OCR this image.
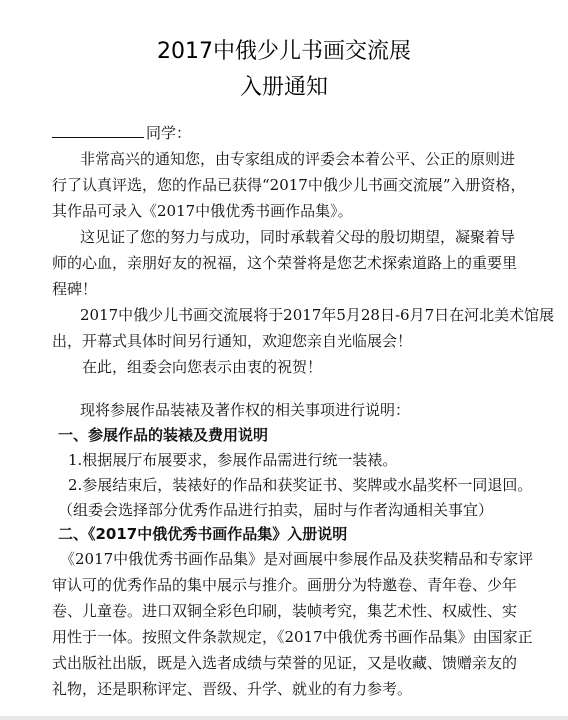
2017中俄少儿书画交流展
入册通知
同学：
非常高兴的通知您，由专家组成的评委会本着公平、公正的原则进
行了认真评选，您的作品已获得“2017中俄少儿书画交流展”入册资格，
其作品可录入《2017中俄优秀书画作品集》。
这见证了您的努力与成功，同时承载着父母的殷切期望，凝聚着导
师的心血，亲朋好友的祝福，这个荣誉将是您艺术探索道路上的重要里
程碑！
2017中俄少儿书画交流展将于2017年5月28日-6月7日在河北美术馆展
出，开幕式具体时间另行通知，欢迎您亲自光临展会！
在此，组委会向您表示由衷的祝贺！
现将参展作品装裱及著作权的相关事项进行说明：
一、参展作品的装裱及费用说明
1.根据展厅布展要求，参展作品需进行统一装裱。
2.参展结束后，装裱好的作品和获奖证书、奖牌或水晶奖杯一同退回。
（组委会选择部分优秀作品进行拍卖，届时与作者沟通相关事宜）
二、《2017中俄优秀书画作品集》入册说明
《2017中俄优秀书画作品集》是对画展中参展作品及获奖精品和专家评
审认可的优秀作品的集中展示与推介。画册分为特邀卷、青年卷、少年
卷、儿童卷。进口双铜全彩色印刷，装帧考究，集艺术性、权威性、实
用性于一体。按照文件条款规定，《2017中俄优秀书画作品集》由国家正
式出版社出版，既是入选者成绩与荣誉的见证，又是收藏、馈赠亲友的
礼物，还是职称评定、晋级、升学、就业的有力参考。
